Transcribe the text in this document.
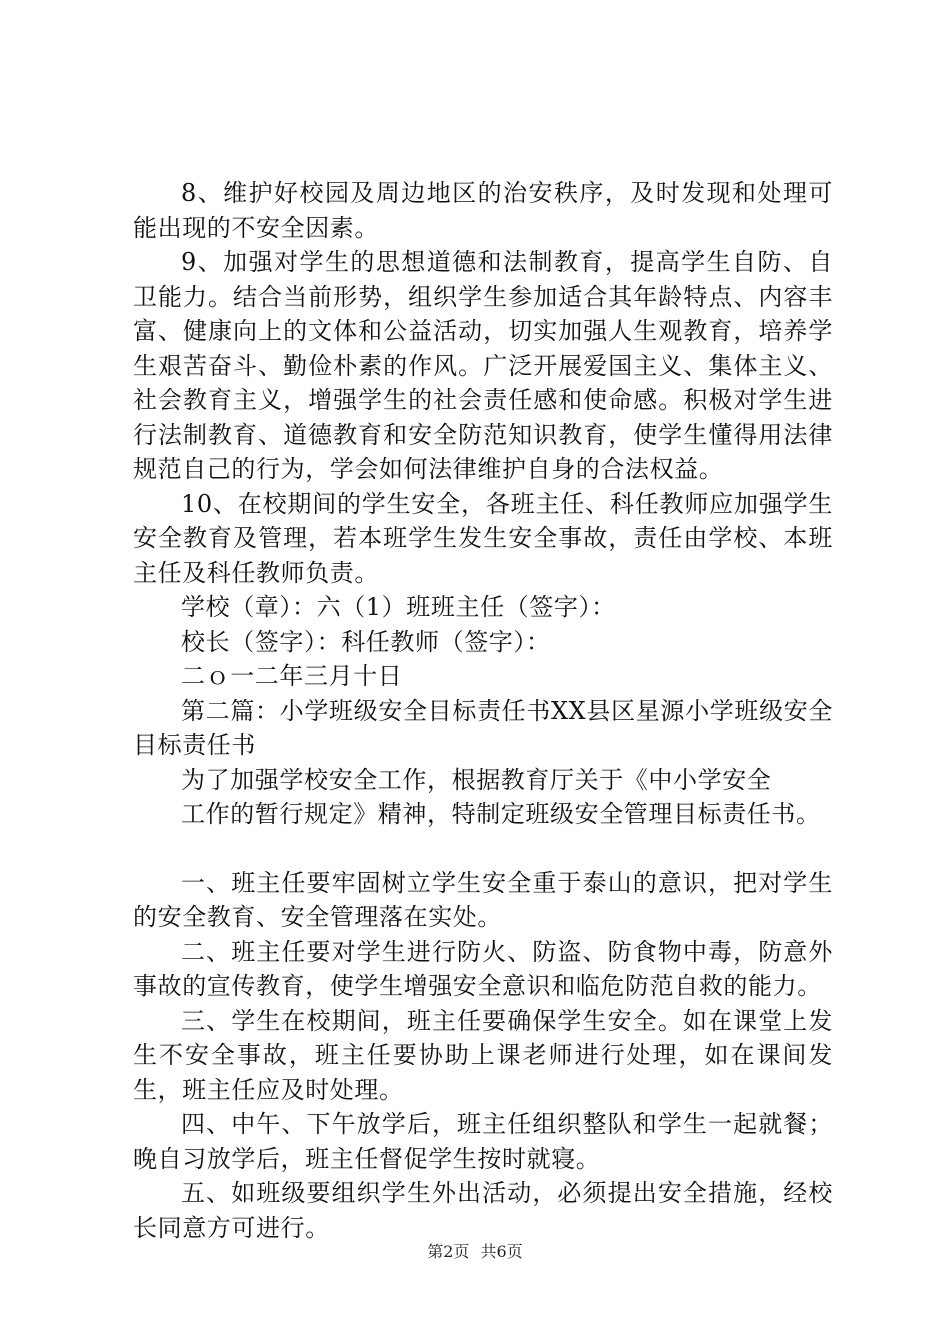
8、维护好校园及周边地区的治安秩序，及时发现和处理可能出现的不安全因素。

9、加强对学生的思想道德和法制教育，提高学生自防、自卫能力。结合当前形势，组织学生参加适合其年龄特点、内容丰富、健康向上的文体和公益活动，切实加强人生观教育，培养学生艰苦奋斗、勤俭朴素的作风。广泛开展爱国主义、集体主义、社会教育主义，增强学生的社会责任感和使命感。积极对学生进行法制教育、道德教育和安全防范知识教育，使学生懂得用法律规范自己的行为，学会如何法律维护自身的合法权益。

10、在校期间的学生安全，各班主任、科任教师应加强学生安全教育及管理，若本班学生发生安全事故，责任由学校、本班主任及科任教师负责。

学校（章）：六（1）班班主任（签字）：

校长（签字）：科任教师（签字）：

二ｏ一二年三月十日

第二篇：小学班级安全目标责任书XX县区星源小学班级安全目标责任书

为了加强学校安全工作，根据教育厅关于《中小学安全

工作的暂行规定》精神，特制定班级安全管理目标责任书。

一、班主任要牢固树立学生安全重于泰山的意识，把对学生的安全教育、安全管理落在实处。

二、班主任要对学生进行防火、防盗、防食物中毒，防意外事故的宣传教育，使学生增强安全意识和临危防范自救的能力。

三、学生在校期间，班主任要确保学生安全。如在课堂上发生不安全事故，班主任要协助上课老师进行处理，如在课间发生，班主任应及时处理。

四、中午、下午放学后，班主任组织整队和学生一起就餐；晚自习放学后，班主任督促学生按时就寝。

五、如班级要组织学生外出活动，必须提出安全措施，经校长同意方可进行。

第2页 共6页
